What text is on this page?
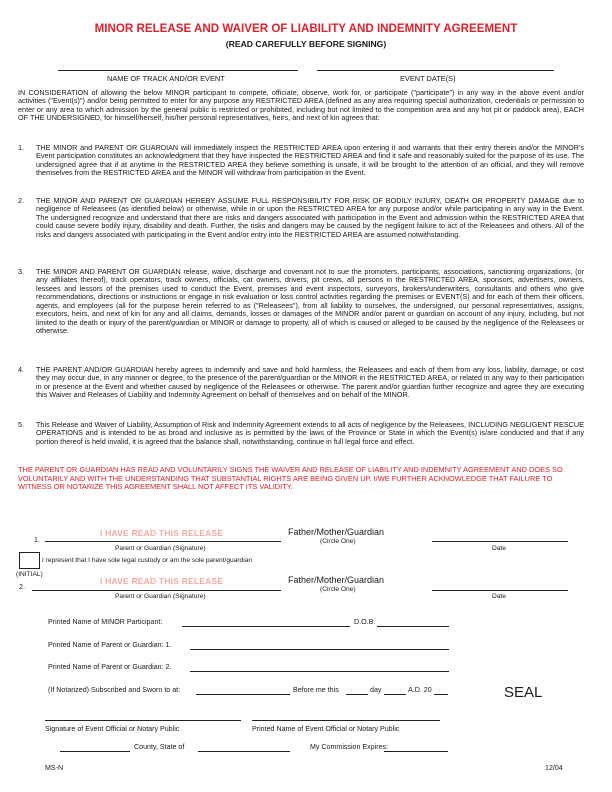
MINOR RELEASE AND WAIVER OF LIABILITY AND INDEMNITY AGREEMENT
(READ CAREFULLY BEFORE SIGNING)
NAME OF TRACK AND/OR EVENT	EVENT DATE(S)
IN CONSIDERATION of allowing the below MINOR participant to compete, officiate, observe, work for, or participate ("participate") in any way in the above event and/or activities ("Event(s)") and/or being permitted to enter for any purpose any RESTRICTED AREA (defined as any area requiring special authorization, credentials or permission to enter or any area to which admission by the general public is restricted or prohibited, including but not limited to the competition area and any hot pit or paddock area), EACH OF THE UNDERSIGNED, for himself/herself, his/her personal representatives, heirs, and next of kin agrees that:
1. THE MINOR and PARENT OR GUARDIAN will immediately inspect the RESTRICTED AREA upon entering it and warrants that their entry therein and/or the MINOR's Event participation constitutes an acknowledgment that they have inspected the RESTRICTED AREA and find it safe and reasonably suited for the purpose of its use. The undersigned agree that if at anytime in the RESTRICTED AREA they believe something is unsafe, it will be brought to the attention of an official, and they will remove themselves from the RESTRICTED AREA and the MINOR will withdraw from participation in the Event.
2. THE MINOR AND PARENT OR GUARDIAN HEREBY ASSUME FULL RESPONSIBILITY FOR RISK OF BODILY INJURY, DEATH OR PROPERTY DAMAGE due to negligence of Releasees (as identified below) or otherwise, while in or upon the RESTRICTED AREA for any purpose and/or while participating in any way in the Event. The undersigned recognize and understand that there are risks and dangers associated with participation in the Event and admission within the RESTRICTED AREA that could cause severe bodily injury, disability and death. Further, the risks and dangers may be caused by the negligent failure to act of the Releasees and others. All of the risks and dangers associated with participating in the Event and/or entry into the RESTRICTED AREA are assumed notwithstanding.
3. THE MINOR AND PARENT OR GUARDIAN release, waive, discharge and covenant not to sue the promoters, participants, associations, sanctioning organizations, (or any affiliates thereof), track operators, track owners, officials, car owners, drivers, pit crews, all persons in the RESTRICTED AREA, sponsors, advertisers, owners, lessees and lessors of the premises used to conduct the Event, premises and event inspectors, surveyors, brokers/underwriters, consultants and others who give recommendations, directions or instructions or engage in risk evaluation or loss control activities regarding the premises or EVENT(S) and for each of them their officers, agents, and employees (all for the purpose herein referred to as ("Releasees"), from all liability to ourselves, the undersigned, our personal representatives, assigns, executors, heirs, and next of kin for any and all claims, demands, losses or damages of the MINOR and/or parent or guardian on account of any injury, including, but not limited to the death or injury of the parent/guardian or MINOR or damage to property, all of which is caused or alleged to be caused by the negligence of the Releasees or otherwise.
4. THE PARENT AND/OR GUARDIAN hereby agrees to indemnify and save and hold harmless, the Releasees and each of them from any loss, liability, damage, or cost they may occur due, in any manner or degree, to the presence of the parent/guardian or the MINOR in the RESTRICTED AREA, or related in any way to their participation in or presence at the Event and whether caused by negligence of the Releasees or otherwise. The parent and/or guardian further recognize and agree they are executing this Waiver and Releases of Liability and Indemnity Agreement on behalf of themselves and on behalf of the MINOR.
5. This Release and Waiver of Liability, Assumption of Risk and Indemnity Agreement extends to all acts of negligence by the Releasees, INCLUDING NEGLIGENT RESCUE OPERATIONS and is intended to be as broad and inclusive as is permitted by the laws of the Province or State in which the Event(s) is/are conducted and that if any portion thereof is held invalid, it is agreed that the balance shall, notwithstanding, continue in full legal force and effect.
THE PARENT OR GUARDIAN HAS READ AND VOLUNTARILY SIGNS THE WAIVER AND RELEASE OF LIABILITY AND INDEMNITY AGREEMENT AND DOES SO VOLUNTARILY AND WITH THE UNDERSTANDING THAT SUBSTANTIAL RIGHTS ARE BEING GIVEN UP. I/WE FURTHER ACKNOWLEDGE THAT FAILURE TO WITNESS OR NOTARIZE THIS AGREEMENT SHALL NOT AFFECT ITS VALIDITY.
1.
I HAVE READ THIS RELEASE	Father/Mother/Guardian
(Circle One)
Parent or Guardian (Signature)	Date
I represent that I have sole legal custody or am the sole parent/guardian
(INITIAL)
2.
I HAVE READ THIS RELEASE	Father/Mother/Guardian
(Circle One)
Parent or Guardian (Signature)	Date
Printed Name of MINOR Participant:	D.O.B.
Printed Name of Parent or Guardian: 1.
Printed Name of Parent or Guardian: 2.
(If Notarized) Subscribed and Sworn to at:	Before me this	day	A.D. 20	SEAL
Signature of Event Official or Notary Public	Printed Name of Event Official or Notary Public
County, State of	My Commission Expires:
MS-N	12/04
